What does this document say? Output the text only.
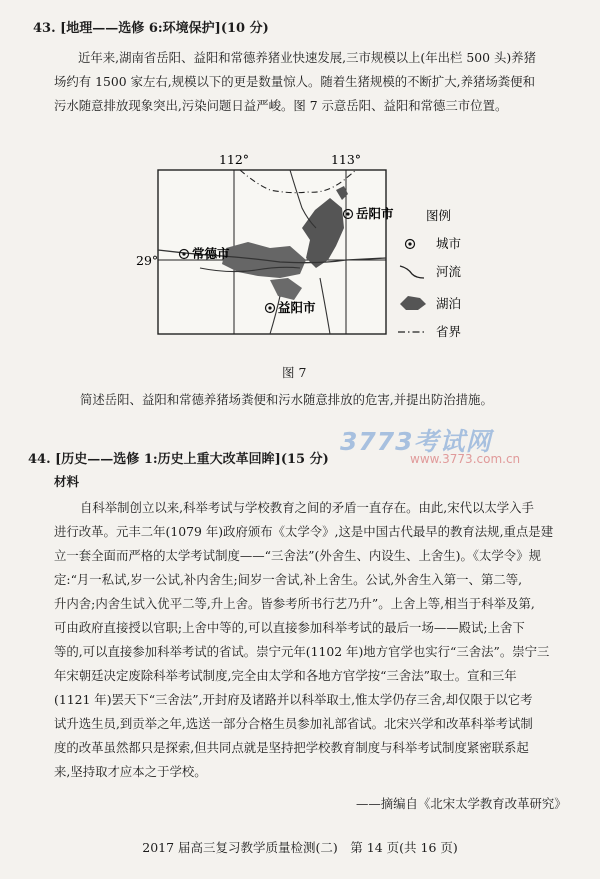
43. [地理——选修 6:环境保护](10 分)
近年来,湖南省岳阳、益阳和常德养猪业快速发展,三市规模以上(年出栏 500 头)养猪
场约有 1500 家左右,规模以下的更是数量惊人。随着生猪规模的不断扩大,养猪场粪便和
污水随意排放现象突出,污染问题日益严峻。图 7 示意岳阳、益阳和常德三市位置。
112°	113°
29°
岳阳市
常德市
益阳市
图例
城市
河流
湖泊
省界
图 7
简述岳阳、益阳和常德养猪场粪便和污水随意排放的危害,并提出防治措施。
3773考试网
www.3773.com.cn
44. [历史——选修 1:历史上重大改革回眸](15 分)
材料
自科举制创立以来,科举考试与学校教育之间的矛盾一直存在。由此,宋代以太学入手
进行改革。元丰二年(1079 年)政府颁布《太学令》,这是中国古代最早的教育法规,重点是建
立一套全面而严格的太学考试制度——“三舍法”(外舍生、内设生、上舍生)。《太学令》规
定:“月一私试,岁一公试,补内舍生;间岁一舍试,补上舍生。公试,外舍生入第一、第二等,
升内舍;内舍生试入优平二等,升上舍。皆参考所书行艺乃升”。上舍上等,相当于科举及第,
可由政府直接授以官职;上舍中等的,可以直接参加科举考试的最后一场——殿试;上舍下
等的,可以直接参加科举考试的省试。崇宁元年(1102 年)地方官学也实行“三舍法”。崇宁三
年宋朝廷决定废除科举考试制度,完全由太学和各地方官学按“三舍法”取士。宣和三年
(1121 年)罢天下“三舍法”,开封府及诸路并以科举取士,惟太学仍存三舍,却仅限于以它考
试升选生员,到贡举之年,选送一部分合格生员参加礼部省试。北宋兴学和改革科举考试制
度的改革虽然都只是探索,但共同点就是坚持把学校教育制度与科举考试制度紧密联系起
来,坚持取才应本之于学校。
——摘编自《北宋太学教育改革研究》
2017 届高三复习教学质量检测(二)　第 14 页(共 16 页)
